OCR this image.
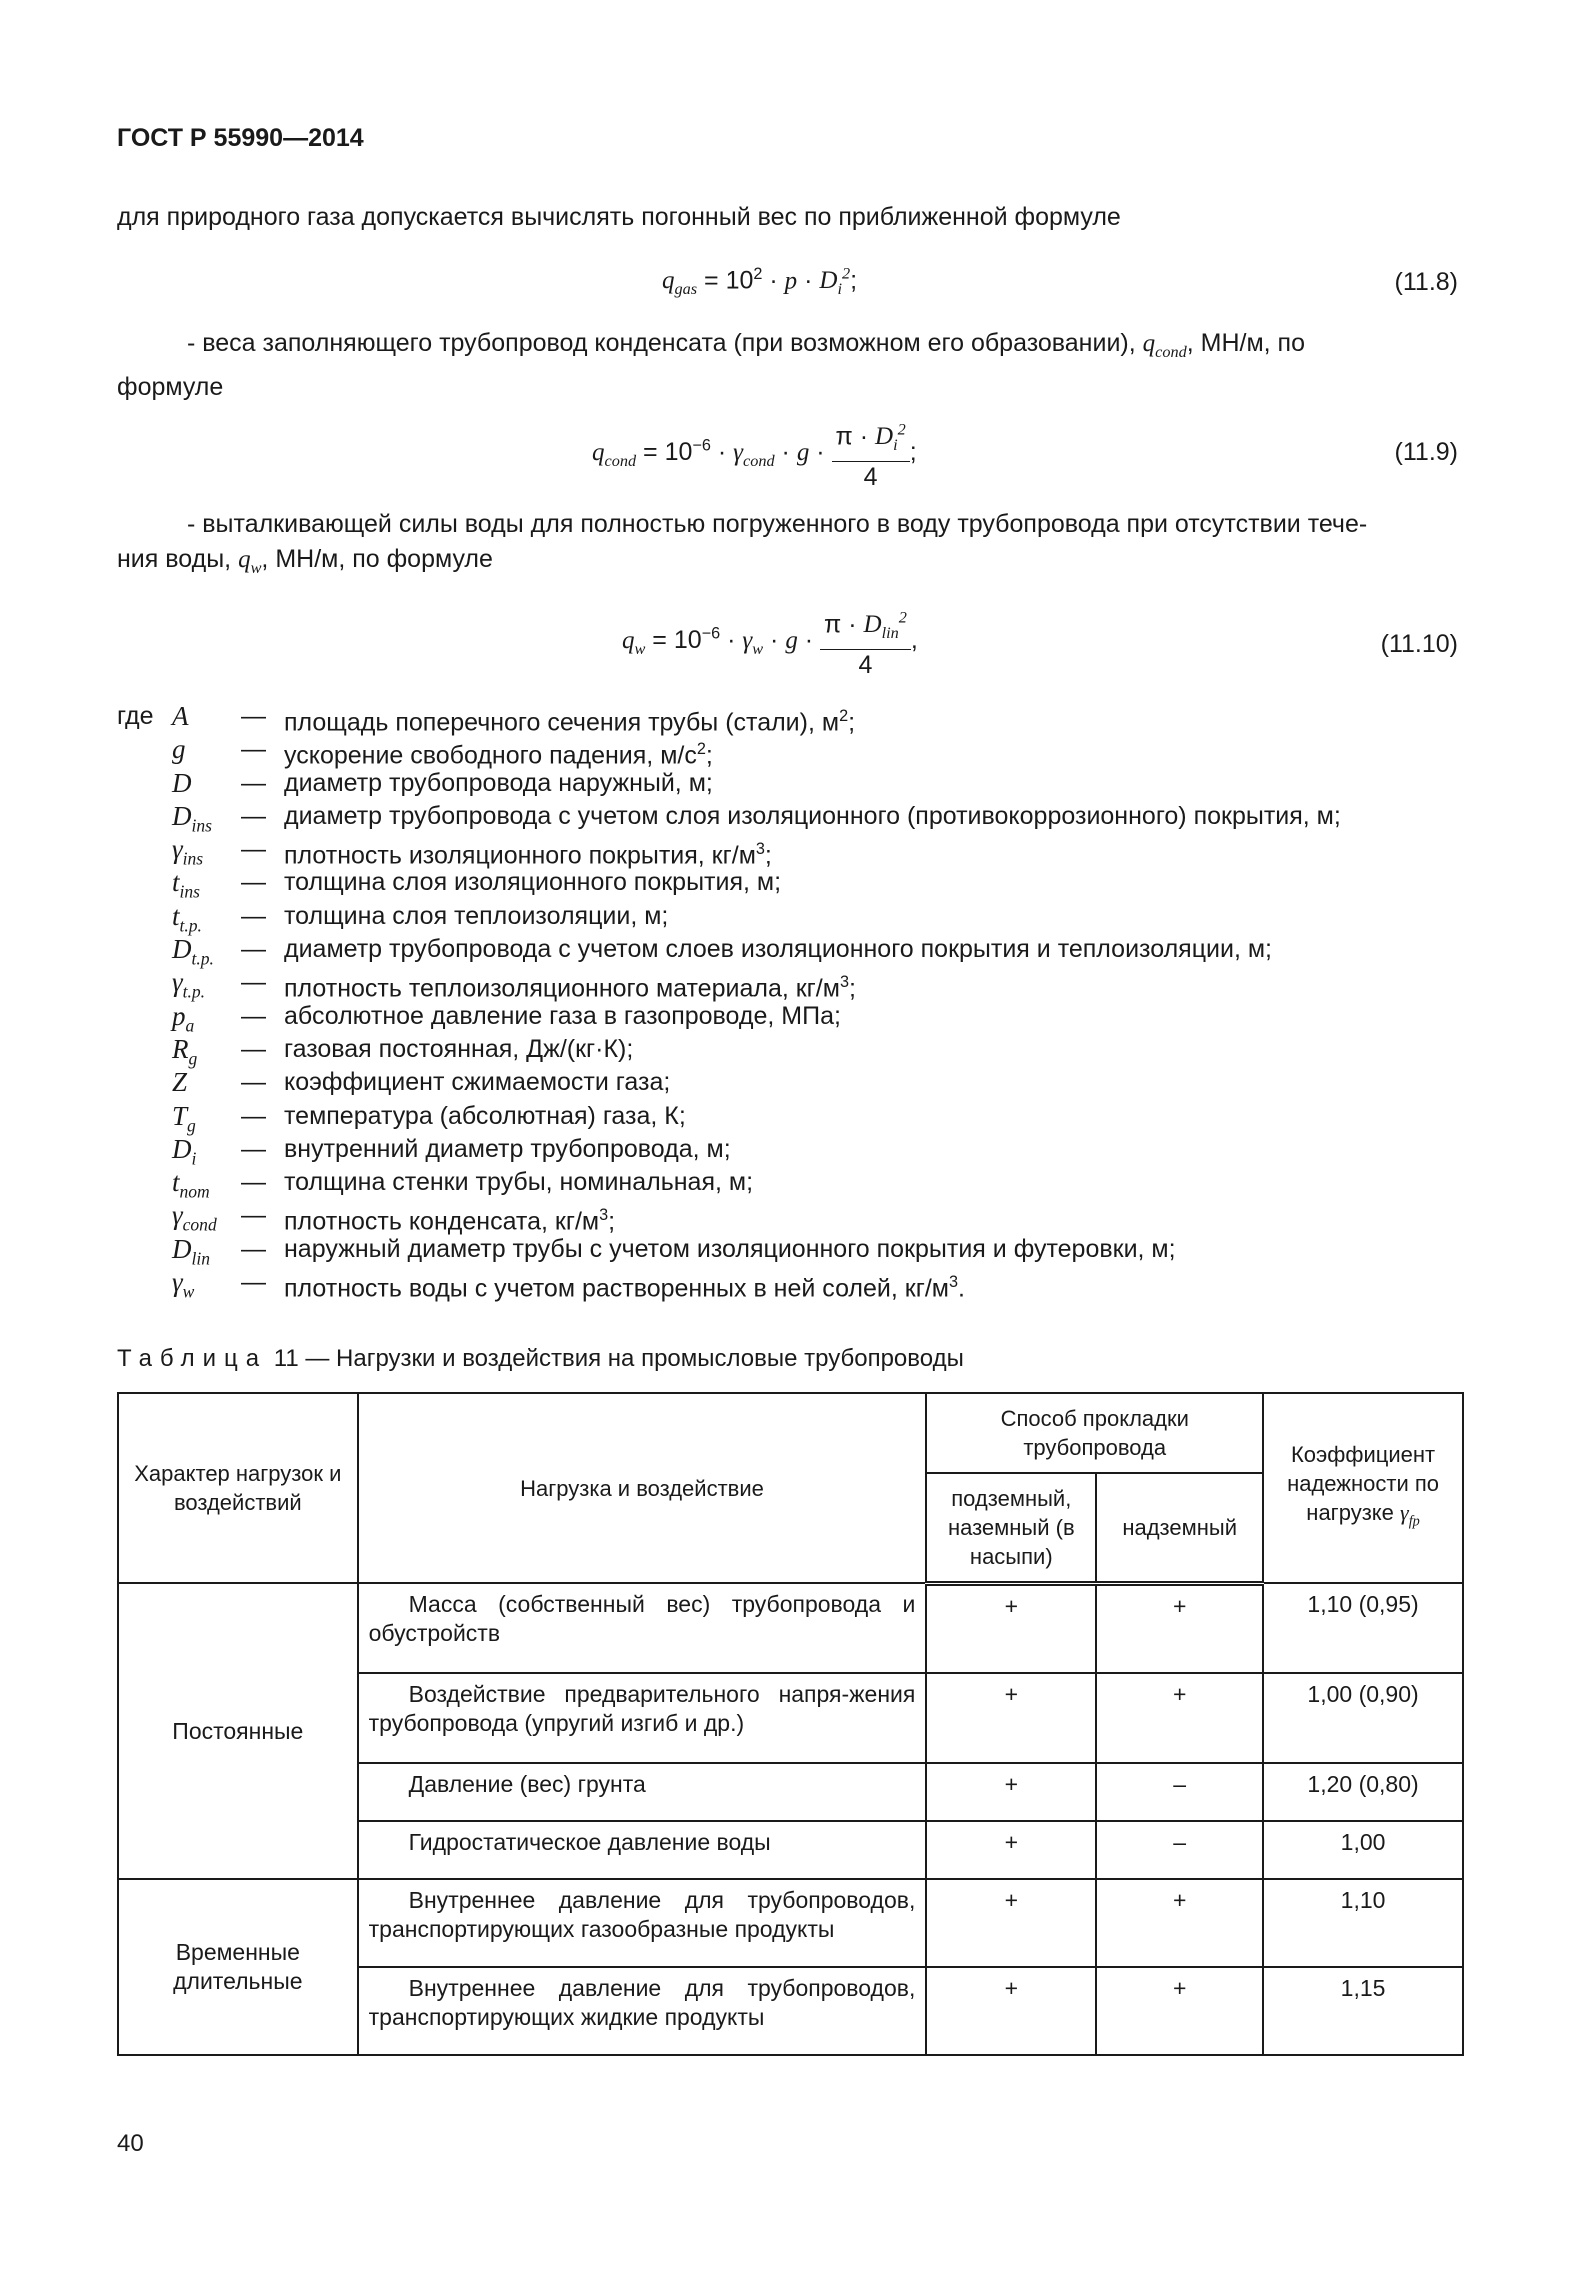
ГОСТ Р 55990—2014
для природного газа допускается вычислять погонный вес по приближенной формуле
$q_{gas} = 10^2 \cdot p \cdot D_i^2$;	(11.8)
- веса заполняющего трубопровод конденсата (при возможном его образовании), $q_{cond}$, МН/м, по
формуле
$q_{cond} = 10^{-6} \cdot \gamma_{cond} \cdot g \cdot \frac{\pi \cdot D_i^2}{4}$ ;	(11.9)
- выталкивающей силы воды для полностью погруженного в воду трубопровода при отсутствии тече-
ния воды, $q_w$, МН/м, по формуле
$q_w = 10^{-6} \cdot \gamma_w \cdot g \cdot \frac{\pi \cdot D_{lin}^2}{4}$ ,	(11.10)
где A — площадь поперечного сечения трубы (стали), $м^2$;
g — ускорение свободного падения, $м/с^2$;
D — диаметр трубопровода наружный, м;
$D_{ins}$ — диаметр трубопровода с учетом слоя изоляционного (противокоррозионного) покрытия, м;
$\gamma_{ins}$ — плотность изоляционного покрытия, $кг/м^3$;
$t_{ins}$ — толщина слоя изоляционного покрытия, м;
$t_{t.p.}$ — толщина слоя теплоизоляции, м;
$D_{t.p.}$ — диаметр трубопровода с учетом слоев изоляционного покрытия и теплоизоляции, м;
$\gamma_{t.p.}$ — плотность теплоизоляционного материала, $кг/м^3$;
$p_a$ — абсолютное давление газа в газопроводе, МПа;
$R_g$ — газовая постоянная, Дж/(кг·К);
Z — коэффициент сжимаемости газа;
$T_g$ — температура (абсолютная) газа, К;
$D_i$ — внутренний диаметр трубопровода, м;
$t_{nom}$ — толщина стенки трубы, номинальная, м;
$\gamma_{cond}$ — плотность конденсата, $кг/м^3$;
$D_{lin}$ — наружный диаметр трубы с учетом изоляционного покрытия и футеровки, м;
$\gamma_w$ — плотность воды с учетом растворенных в ней солей, $кг/м^3$.
Таблица 11 — Нагрузки и воздействия на промысловые трубопроводы
Характер нагрузок и воздействий	Нагрузка и воздействие	Способ прокладки трубопровода		Коэффициент надежности по нагрузке $\gamma_{fp}$
		подземный, наземный (в насыпи)	надземный	
Постоянные	Масса (собственный вес) трубопровода и обустройств	+	+	1,10 (0,95)
	Воздействие предварительного напря-жения трубопровода (упругий изгиб и др.)	+	+	1,00 (0,90)
	Давление (вес) грунта	+	–	1,20 (0,80)
	Гидростатическое давление воды	+	–	1,00
Временные длительные	Внутреннее давление для трубопроводов, транспортирующих газообразные продукты	+	+	1,10
	Внутреннее давление для трубопроводов, транспортирующих жидкие продукты	+	+	1,15
40
